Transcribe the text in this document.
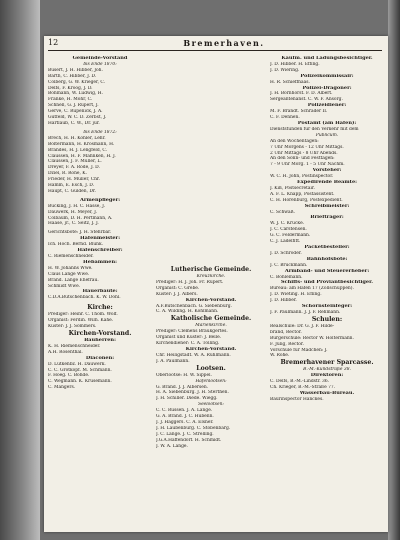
12	Bremerhaven.
Gemeinde-Vorstand
bis Ende 1870:
Busert, J. H. Hibber, Joh.
Barth, C. Hibber, J. D.
Colberg, G. W. Krieger, C.
Delfs, F. Kroog, J. D.
Bohmann, W. Ludwig, H.
Franke, H. Mohr, C.
Schnell, G. J. Rupert, J.
Gerve, C. Rupenick, J. A.
Gutfeld, W. C. D. Zerbst, J.
Hartlaub, C. W., Dr. jur.
bis Ende 1872:
Brech, H. H. Köhler, Lehr.
Boltermann, H. Krosmann, H.
Brandes, H. J. Lengfeld, C.
Claussen, H. F. Mahnken, H. J.
Claussen, J. F. Müller, L.
Dreyer, F. A. Rode, J. D.
Dziel, R. Rohe, K.
Frieder, H. Müller, Chr.
Hamm, E. Esch, J. D.
Haupt, C. Gulden, Dr.
Armenpfleger:
Bücking, J. H. C. Hasse, J.
Dauwerk, H. Meyer, J.
Colbaum, D. H. Pertmann, A.
Haase, jr., C. Seitz, J. J.
Gerichtsbote: J. H. Stehrbar.
Hafenmeister:
Ich. Hoch. Bernd. Blunk.
Hafenschreiber:
C. Riemenschneider.
Hebammen:
H. W. Johanns Wwe.
Claus Lange Wwe.
Brand. Lange Ehefrau.
Schmidt Wwe.
Hauerbaute:
C.D.A.Bütschenbach. K. W. Dohl.
Kirche:
Prediger: Heinr. C. Thom. Wolf.
Organist: Ferdin. Wilh. Kahe.
Küster: J. J. Sommers.
Kirchen-Vorstand.
Bauherren:
K. H. Riemenschneider.
A.H. Rosenthal.
Diaconen:
D. Lütkenbz. H. Dauwerk.
C. C. Grotkopf. M. Schmann.
F. Hoeg. C. Bohde.
C. Wegmann. K. Krusemann.
C. Mangers.
Lutherische Gemeinde.
Kreuzkirche.
Prediger: H. J. Joh. Fr. Rupert.
Organist: C. Grebe.
Küster: J. J. Albers.
Kirchen-Vorstand.
A.F.Bütschenbach. G. Siebenburg.
C. A. Wilding. H. Kohlmann.
Katholische Gemeinde.
Marienkirche.
Prediger: Clemens Braukgertes.
Organist und Küster: J. Belle.
Kirchendiener: C. A. Tölling.
Kirchen-Vorstand.
Chr. Heiligstadt. W. A. Rühlmann.
J. A. Paulmann.
Lootsen.
Oberlootse: H. W. Sippel.
Hafenlootsen:
G. Brand. J. J. Albersen.
H. A. Siebenburg. J. H. Sterthen.
J. H. Schiller. Diede. Wiegg.
Seelootsen:
C. C. Rüssen. J. A. Lange.
G. A. Brand. J. C. Hubenn.
J. J. Haggers. C. A. Elsner.
J. H. Laubenburg. C. Stobenbarg.
J. C. Lange. J. C. Strelling.
J.G.A.Haffendorf. H. Schmidt.
J. W. A. Lange.
Kaufm. und Ladungsbesichtiger.
J. D. Hibber. H. Effing.
J. D. Wiering.
Polizeikommissair:
H. R. Schieffhaas.
Polizei-Dragoner:
J. H. Bornhorst. F. D. Albert.
Sergeantenanst. C. W. F. Ansorg.
Polizeidiener:
M. F. Brandt. Schrader II.
C. F. Dennen.
Postamt (am Hafen):
Dienststunden für den Verkehr mit dem
Publicum.
An den Wochentagen:
7 Uhr Morgens - 12 Uhr Mittags.
2 Uhr Mittags - 8 Uhr Abends.
An den Sonn- und Festtagen:
7 - 9 Uhr Morg. 1 - 5 Uhr Nachm.
Vorsteher:
W. C. H. John, Postinspector.
Expedirende Beamte:
J. Kiß, Postsecretair.
A. F. L. Knapp, Postassistent.
C. H. Horenburg, Postexpedient.
Schreibmeister:
C. Schwaß.
Briefträger:
W. J. C. Krücke.
J. C. Carstensen.
G. C. Feldermann.
C. J. Ladelfitt.
Packetbesteller:
J. D. Schröder.
Bahnhofsbote:
J. C. Bruckmann.
Armband- und Steuererheber:
C. Bohlemann.
Schiffs- und Proviantbesichtiger.
Bureau: am Hafen 17 (Zollschuppen).
J. D. Wieting. H. Efling.
J. D. Hibber.
Schornsteinfeger:
J. F. Paulmann. J. J. F. Rehmann.
Schulen:
Realschule: Dr. G. J. F. Hilde-
brand, Rector.
Bürgerschule: Rector W. Holtermann.
F. Jülig, Rector.
Vorschule für Mädchen: J.
W. Rohe.
Bremerhavener Sparcasse.
B.-M.-Kundstraße 38.
Direktoren:
C. Delfs, B.-M.-Lindstr. 36.
Ch. Krieger, B.-M.-Straße 77.
Wasserbau-Büreau.
Baurinspector Hanckes.
